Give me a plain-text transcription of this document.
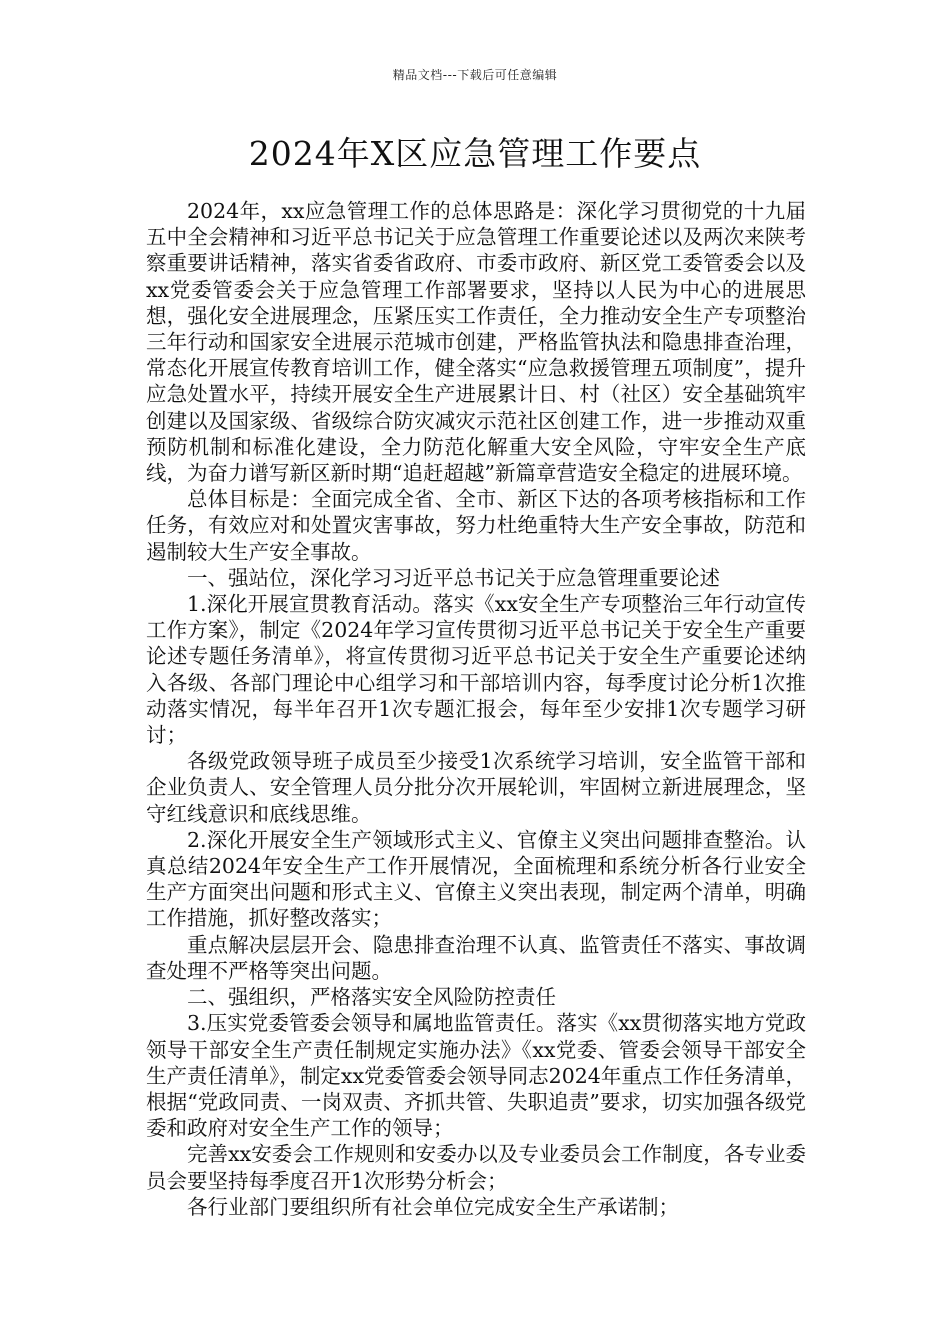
精品文档---下载后可任意编辑
2024年X区应急管理工作要点

2024年，xx应急管理工作的总体思路是：深化学习贯彻党的十九届五中全会精神和习近平总书记关于应急管理工作重要论述以及两次来陕考察重要讲话精神，落实省委省政府、市委市政府、新区党工委管委会以及xx党委管委会关于应急管理工作部署要求，坚持以人民为中心的进展思想，强化安全进展理念，压紧压实工作责任，全力推动安全生产专项整治三年行动和国家安全进展示范城市创建，严格监管执法和隐患排查治理，常态化开展宣传教育培训工作，健全落实“应急救援管理五项制度”，提升应急处置水平，持续开展安全生产进展累计日、村（社区）安全基础筑牢创建以及国家级、省级综合防灾减灾示范社区创建工作，进一步推动双重预防机制和标准化建设，全力防范化解重大安全风险，守牢安全生产底线，为奋力谱写新区新时期“追赶超越”新篇章营造安全稳定的进展环境。

总体目标是：全面完成全省、全市、新区下达的各项考核指标和工作任务，有效应对和处置灾害事故，努力杜绝重特大生产安全事故，防范和遏制较大生产安全事故。

一、强站位，深化学习习近平总书记关于应急管理重要论述

1.深化开展宣贯教育活动。落实《xx安全生产专项整治三年行动宣传工作方案》，制定《2024年学习宣传贯彻习近平总书记关于安全生产重要论述专题任务清单》，将宣传贯彻习近平总书记关于安全生产重要论述纳入各级、各部门理论中心组学习和干部培训内容，每季度讨论分析1次推动落实情况，每半年召开1次专题汇报会，每年至少安排1次专题学习研讨；

各级党政领导班子成员至少接受1次系统学习培训，安全监管干部和企业负责人、安全管理人员分批分次开展轮训，牢固树立新进展理念，坚守红线意识和底线思维。

2.深化开展安全生产领域形式主义、官僚主义突出问题排查整治。认真总结2024年安全生产工作开展情况，全面梳理和系统分析各行业安全生产方面突出问题和形式主义、官僚主义突出表现，制定两个清单，明确工作措施，抓好整改落实；

重点解决层层开会、隐患排查治理不认真、监管责任不落实、事故调查处理不严格等突出问题。

二、强组织，严格落实安全风险防控责任

3.压实党委管委会领导和属地监管责任。落实《xx贯彻落实地方党政领导干部安全生产责任制规定实施办法》《xx党委、管委会领导干部安全生产责任清单》，制定xx党委管委会领导同志2024年重点工作任务清单，根据“党政同责、一岗双责、齐抓共管、失职追责”要求，切实加强各级党委和政府对安全生产工作的领导；

完善xx安委会工作规则和安委办以及专业委员会工作制度，各专业委员会要坚持每季度召开1次形势分析会；

各行业部门要组织所有社会单位完成安全生产承诺制；
